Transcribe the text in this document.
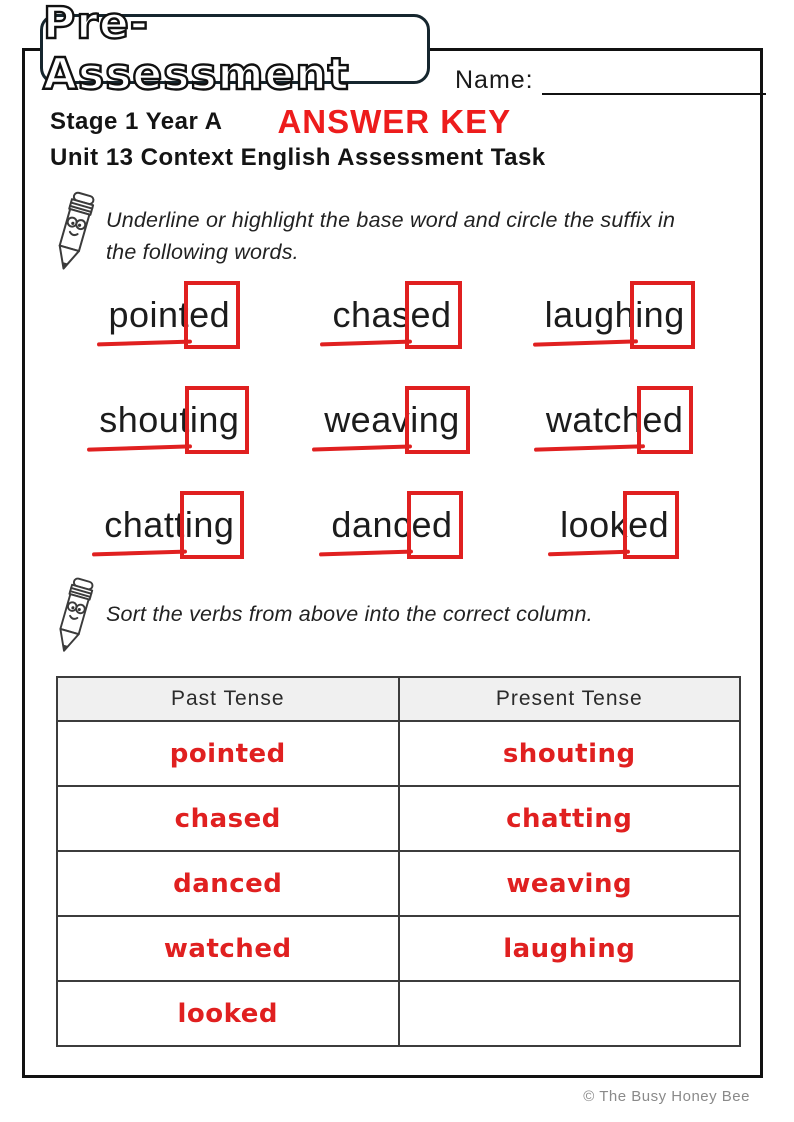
Pre-Assessment	Name:
Stage 1 Year A ANSWER KEY
Unit 13 Context English Assessment Task
Underline or highlight the base word and circle the suffix in the following words.
pointed	chased	laughing
shouting weaving watched
chatting	danced	looked
Sort the verbs from above into the correct column.
Past Tense	Present Tense
pointed	shouting
chased	chatting
danced	weaving
watched	laughing
looked	
© The Busy Honey Bee
